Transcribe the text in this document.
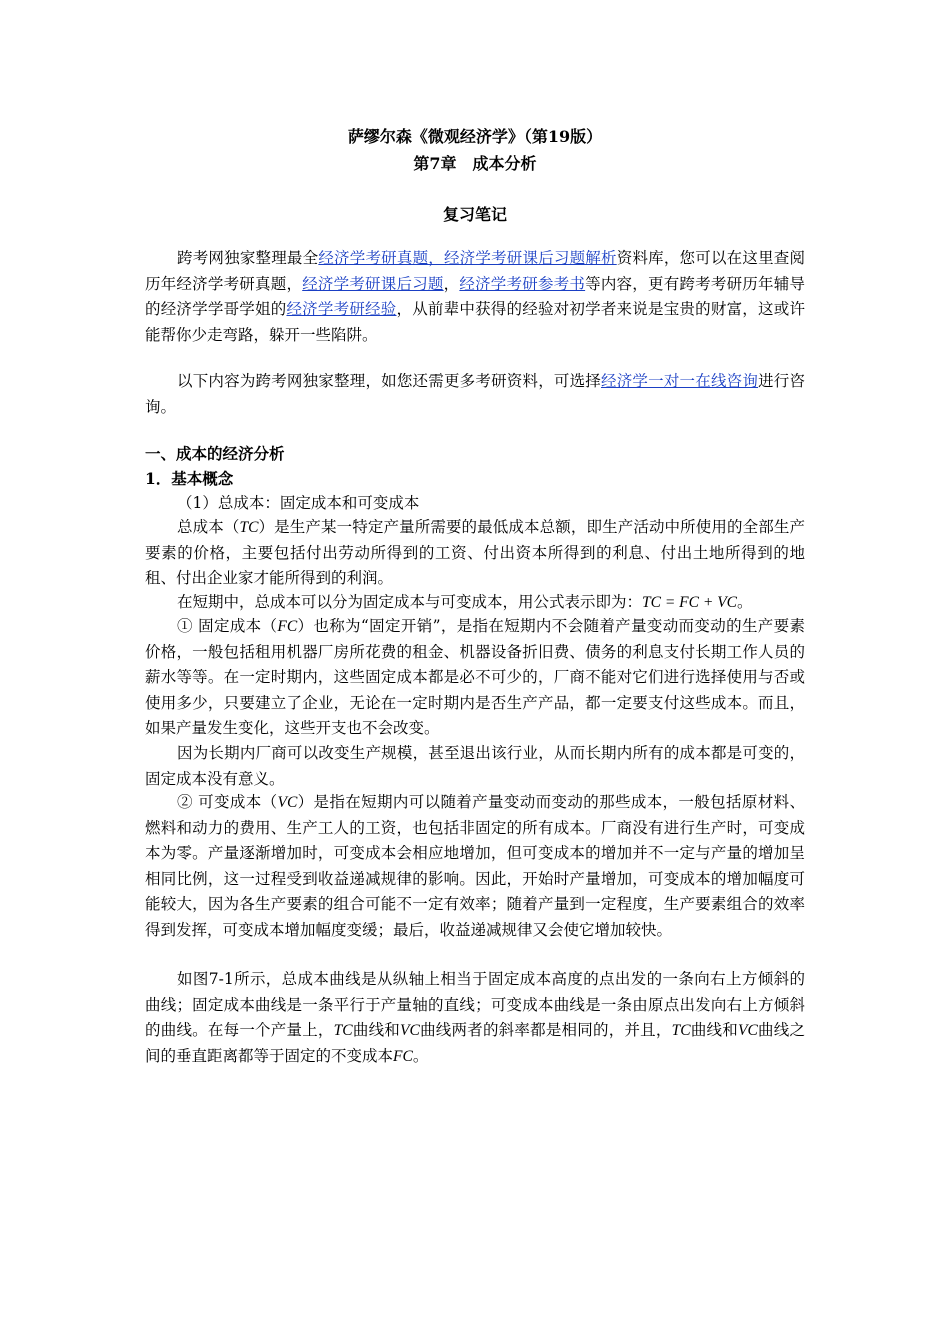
萨缪尔森《微观经济学》（第19版）
第7章　成本分析
复习笔记
跨考网独家整理最全经济学考研真题，经济学考研课后习题解析资料库，您可以在这里查阅历年经济学考研真题，经济学考研课后习题，经济学考研参考书等内容，更有跨考考研历年辅导的经济学学哥学姐的经济学考研经验，从前辈中获得的经验对初学者来说是宝贵的财富，这或许能帮你少走弯路，躲开一些陷阱。
以下内容为跨考网独家整理，如您还需更多考研资料，可选择经济学一对一在线咨询进行咨询。
一、成本的经济分析
1．基本概念
（1）总成本：固定成本和可变成本
总成本（TC）是生产某一特定产量所需要的最低成本总额，即生产活动中所使用的全部生产要素的价格，主要包括付出劳动所得到的工资、付出资本所得到的利息、付出土地所得到的地租、付出企业家才能所得到的利润。
在短期中，总成本可以分为固定成本与可变成本，用公式表示即为：TC = FC + VC。
① 固定成本（FC）也称为“固定开销”，是指在短期内不会随着产量变动而变动的生产要素价格，一般包括租用机器厂房所花费的租金、机器设备折旧费、债务的利息支付长期工作人员的薪水等等。在一定时期内，这些固定成本都是必不可少的，厂商不能对它们进行选择使用与否或使用多少，只要建立了企业，无论在一定时期内是否生产产品，都一定要支付这些成本。而且，如果产量发生变化，这些开支也不会改变。
因为长期内厂商可以改变生产规模，甚至退出该行业，从而长期内所有的成本都是可变的，固定成本没有意义。
② 可变成本（VC）是指在短期内可以随着产量变动而变动的那些成本，一般包括原材料、燃料和动力的费用、生产工人的工资，也包括非固定的所有成本。厂商没有进行生产时，可变成本为零。产量逐渐增加时，可变成本会相应地增加，但可变成本的增加并不一定与产量的增加呈相同比例，这一过程受到收益递减规律的影响。因此，开始时产量增加，可变成本的增加幅度可能较大，因为各生产要素的组合可能不一定有效率；随着产量到一定程度，生产要素组合的效率得到发挥，可变成本增加幅度变缓；最后，收益递减规律又会使它增加较快。
如图7-1所示，总成本曲线是从纵轴上相当于固定成本高度的点出发的一条向右上方倾斜的曲线；固定成本曲线是一条平行于产量轴的直线；可变成本曲线是一条由原点出发向右上方倾斜的曲线。在每一个产量上，TC曲线和VC曲线两者的斜率都是相同的，并且，TC曲线和VC曲线之间的垂直距离都等于固定的不变成本FC。
